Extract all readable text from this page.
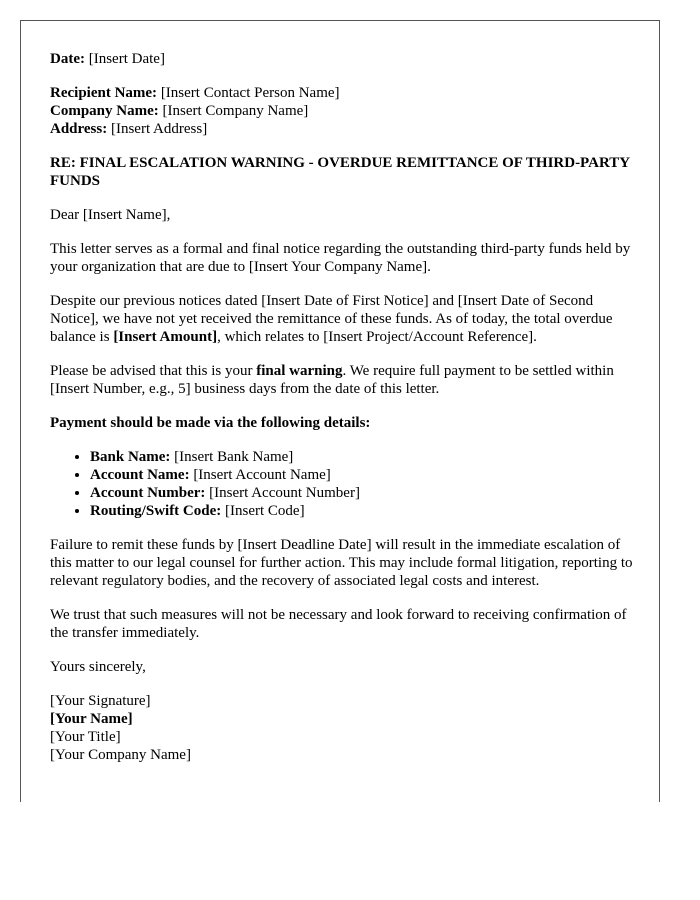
Date: [Insert Date]

Recipient Name: [Insert Contact Person Name]

Company Name: [Insert Company Name]

Address: [Insert Address]

RE: FINAL ESCALATION WARNING - OVERDUE REMITTANCE OF THIRD-PARTY FUNDS

Dear [Insert Name],

This letter serves as a formal and final notice regarding the outstanding third-party funds held by your organization that are due to [Insert Your Company Name].

Despite our previous notices dated [Insert Date of First Notice] and [Insert Date of Second Notice], we have not yet received the remittance of these funds. As of today, the total overdue balance is [Insert Amount], which relates to [Insert Project/Account Reference].

Please be advised that this is your final warning. We require full payment to be settled within [Insert Number, e.g., 5] business days from the date of this letter.

Payment should be made via the following details:

• Bank Name: [Insert Bank Name]
• Account Name: [Insert Account Name]
• Account Number: [Insert Account Number]
• Routing/Swift Code: [Insert Code]

Failure to remit these funds by [Insert Deadline Date] will result in the immediate escalation of this matter to our legal counsel for further action. This may include formal litigation, reporting to relevant regulatory bodies, and the recovery of associated legal costs and interest.

We trust that such measures will not be necessary and look forward to receiving confirmation of the transfer immediately.

Yours sincerely,

[Your Signature]

[Your Name]

[Your Title]

[Your Company Name]
